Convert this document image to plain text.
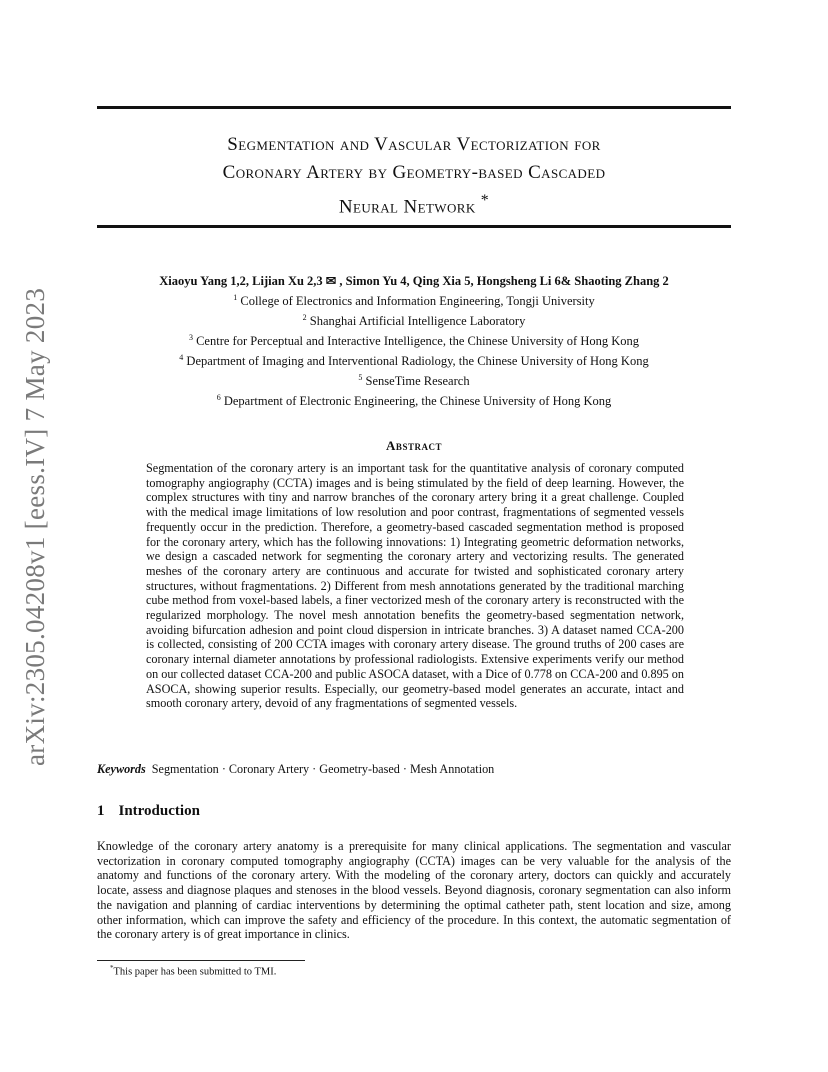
arXiv:2305.04208v1 [eess.IV] 7 May 2023
Segmentation and Vascular Vectorization for
Coronary Artery by Geometry-based Cascaded
Neural Network *
Xiaoyu Yang 1,2, Lijian Xu 2,3 ✉ , Simon Yu 4, Qing Xia 5, Hongsheng Li 6& Shaoting Zhang 2
$^1$ College of Electronics and Information Engineering, Tongji University
$^2$ Shanghai Artificial Intelligence Laboratory
$^3$ Centre for Perceptual and Interactive Intelligence, the Chinese University of Hong Kong
$^4$ Department of Imaging and Interventional Radiology, the Chinese University of Hong Kong
$^5$ SenseTime Research
$^6$ Department of Electronic Engineering, the Chinese University of Hong Kong
Abstract
Segmentation of the coronary artery is an important task for the quantitative analysis of coronary computed tomography angiography (CCTA) images and is being stimulated by the field of deep learning. However, the complex structures with tiny and narrow branches of the coronary artery bring it a great challenge. Coupled with the medical image limitations of low resolution and poor contrast, fragmentations of segmented vessels frequently occur in the prediction. Therefore, a geometry-based cascaded segmentation method is proposed for the coronary artery, which has the following innovations: 1) Integrating geometric deformation networks, we design a cascaded network for segmenting the coronary artery and vectorizing results. The generated meshes of the coronary artery are continuous and accurate for twisted and sophisticated coronary artery structures, without fragmentations. 2) Different from mesh annotations generated by the traditional marching cube method from voxel-based labels, a finer vectorized mesh of the coronary artery is reconstructed with the regularized morphology. The novel mesh annotation benefits the geometry-based segmentation network, avoiding bifurcation adhesion and point cloud dispersion in intricate branches. 3) A dataset named CCA-200 is collected, consisting of 200 CCTA images with coronary artery disease. The ground truths of 200 cases are coronary internal diameter annotations by professional radiologists. Extensive experiments verify our method on our collected dataset CCA-200 and public ASOCA dataset, with a Dice of 0.778 on CCA-200 and 0.895 on ASOCA, showing superior results. Especially, our geometry-based model generates an accurate, intact and smooth coronary artery, devoid of any fragmentations of segmented vessels.
Keywords Segmentation · Coronary Artery · Geometry-based · Mesh Annotation
1 Introduction
Knowledge of the coronary artery anatomy is a prerequisite for many clinical applications. The segmentation and vascular vectorization in coronary computed tomography angiography (CCTA) images can be very valuable for the analysis of the anatomy and functions of the coronary artery. With the modeling of the coronary artery, doctors can quickly and accurately locate, assess and diagnose plaques and stenoses in the blood vessels. Beyond diagnosis, coronary segmentation can also inform the navigation and planning of cardiac interventions by determining the optimal catheter path, stent location and size, among other information, which can improve the safety and efficiency of the procedure. In this context, the automatic segmentation of the coronary artery is of great importance in clinics.
*This paper has been submitted to TMI.
